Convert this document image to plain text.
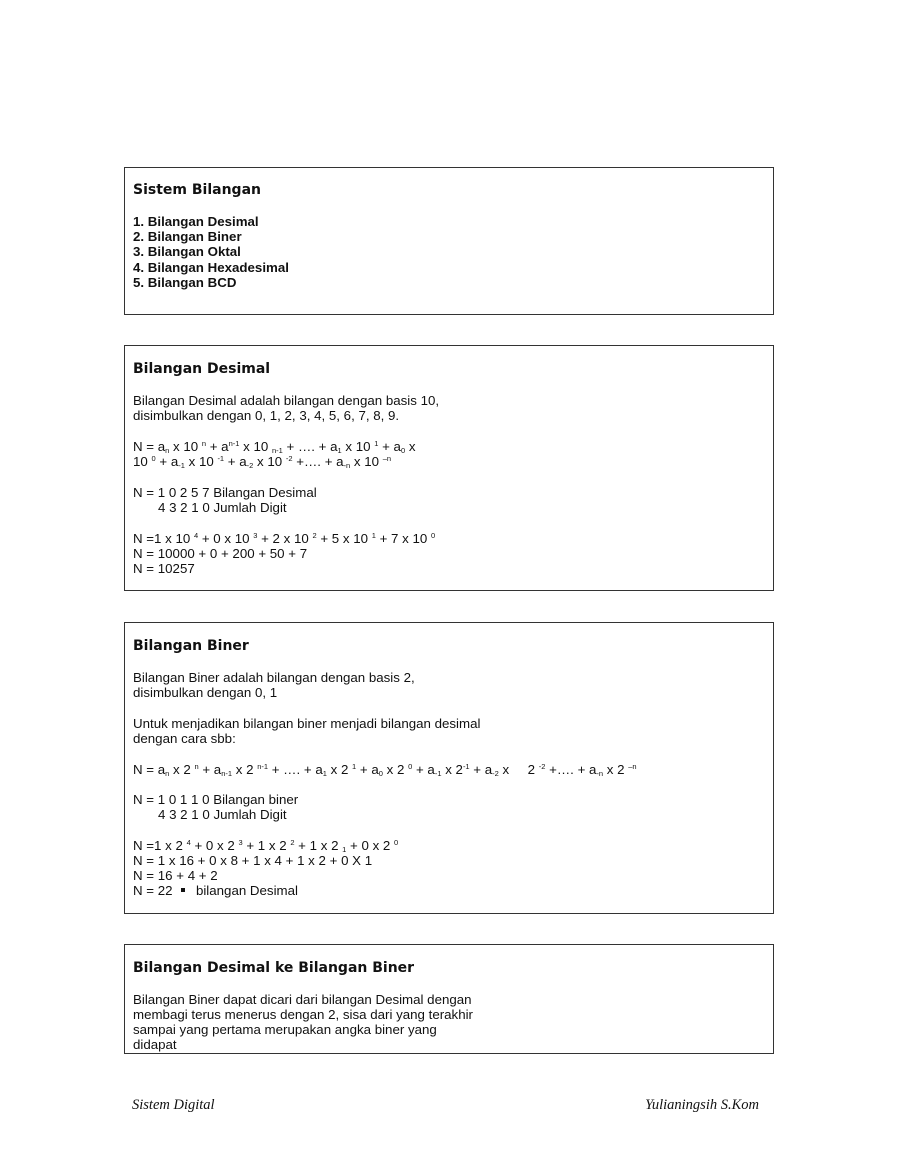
Sistem Bilangan
1. Bilangan Desimal
2. Bilangan Biner
3. Bilangan Oktal
4. Bilangan Hexadesimal
5. Bilangan BCD
Bilangan Desimal
Bilangan Desimal adalah bilangan dengan basis 10,
disimbulkan dengan 0, 1, 2, 3, 4, 5, 6, 7, 8, 9.
$N = a_n$ x 10 $^n + a^{n-1}$ x 10 $_{n-1}$ + …. + $a_1$ x 10 $^1 + a_0$ x
10 $^0 + a_{-1}$ x 10 $^{-1} + a_{-2}$ x 10 $^{-2}$ +…. + $a_{-n}$ x 10 $^{-n}$
N = 1 0 2 5 7 Bilangan Desimal
4 3 2 1 0 Jumlah Digit
N =1 x 10 $^4$ + 0 x 10 $^3$ + 2 x 10 $^2$ + 5 x 10 $^1$ + 7 x 10 $^0$
N = 10000 + 0 + 200 + 50 + 7
N = 10257
Bilangan Biner
Bilangan Biner adalah bilangan dengan basis 2,
disimbulkan dengan 0, 1
Untuk menjadikan bilangan biner menjadi bilangan desimal
dengan cara sbb:
$N = a_n$ x 2 $^n + a_{n-1}$ x 2 $^{n-1}$ + …. + $a_1$ x 2 $^1 + a_0$ x 2 $^0 + a_{-1}$ x $2^{-1} + a_{-2}$ x     2 $^{-2}$ +…. + $a_{-n}$ x 2 $^{-n}$
N = 1 0 1 1 0 Bilangan biner
4 3 2 1 0 Jumlah Digit
N =1 x 2 $^4$ + 0 x 2 $^3$ + 1 x 2 $^2$ + 1 x 2 $_1$ + 0 x 2 $^0$
N = 1 x 16 + 0 x 8 + 1 x 4 + 1 x 2 + 0 X 1
N = 16 + 4 + 2
N = 22 bilangan Desimal
Bilangan Desimal ke Bilangan Biner
Bilangan Biner dapat dicari dari bilangan Desimal dengan
membagi terus menerus dengan 2, sisa dari yang terakhir
sampai yang pertama merupakan angka biner yang
didapat
Sistem Digital	Yulianingsih S.Kom
